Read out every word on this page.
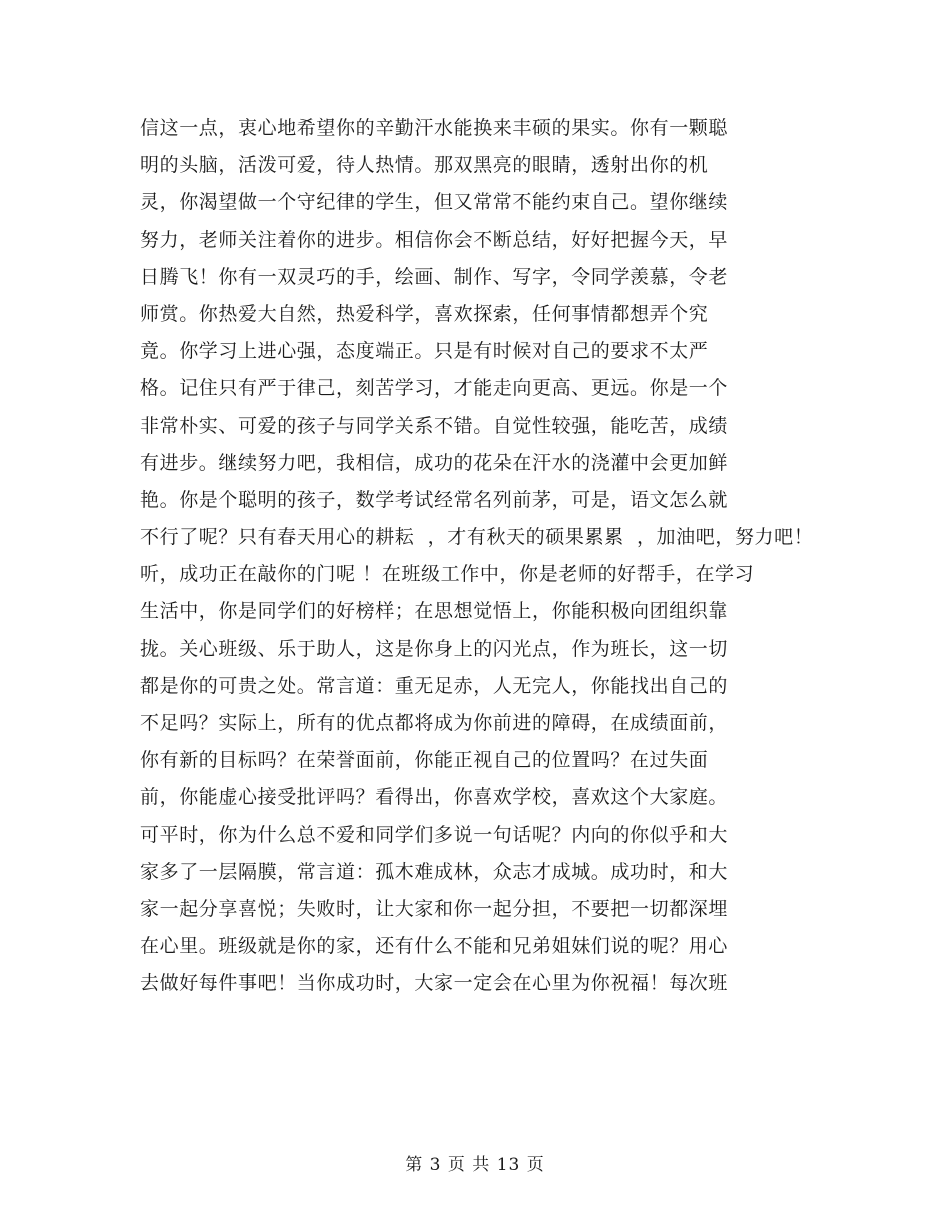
信这一点，衷心地希望你的辛勤汗水能换来丰硕的果实。你有一颗聪
明的头脑，活泼可爱，待人热情。那双黑亮的眼睛，透射出你的机
灵，你渴望做一个守纪律的学生，但又常常不能约束自己。望你继续
努力，老师关注着你的进步。相信你会不断总结，好好把握今天，早
日腾飞！你有一双灵巧的手，绘画、制作、写字，令同学羡慕，令老
师赏。你热爱大自然，热爱科学，喜欢探索，任何事情都想弄个究
竟。你学习上进心强，态度端正。只是有时候对自己的要求不太严
格。记住只有严于律己，刻苦学习，才能走向更高、更远。你是一个
非常朴实、可爱的孩子与同学关系不错。自觉性较强，能吃苦，成绩
有进步。继续努力吧，我相信，成功的花朵在汗水的浇灌中会更加鲜
艳。你是个聪明的孩子，数学考试经常名列前茅，可是，语文怎么就
不行了呢？只有春天用心的耕耘  ，才有秋天的硕果累累  ，加油吧，努力吧！
听，成功正在敲你的门呢 ！在班级工作中，你是老师的好帮手，在学习
生活中，你是同学们的好榜样；在思想觉悟上，你能积极向团组织靠
拢。关心班级、乐于助人，这是你身上的闪光点，作为班长，这一切
都是你的可贵之处。常言道：重无足赤，人无完人，你能找出自己的
不足吗？实际上，所有的优点都将成为你前进的障碍，在成绩面前，
你有新的目标吗？在荣誉面前，你能正视自己的位置吗？在过失面
前，你能虚心接受批评吗？看得出，你喜欢学校，喜欢这个大家庭。
可平时，你为什么总不爱和同学们多说一句话呢？内向的你似乎和大
家多了一层隔膜，常言道：孤木难成林，众志才成城。成功时，和大
家一起分享喜悦；失败时，让大家和你一起分担，不要把一切都深埋
在心里。班级就是你的家，还有什么不能和兄弟姐妹们说的呢？用心
去做好每件事吧！当你成功时，大家一定会在心里为你祝福！每次班
第 3 页 共 13 页
